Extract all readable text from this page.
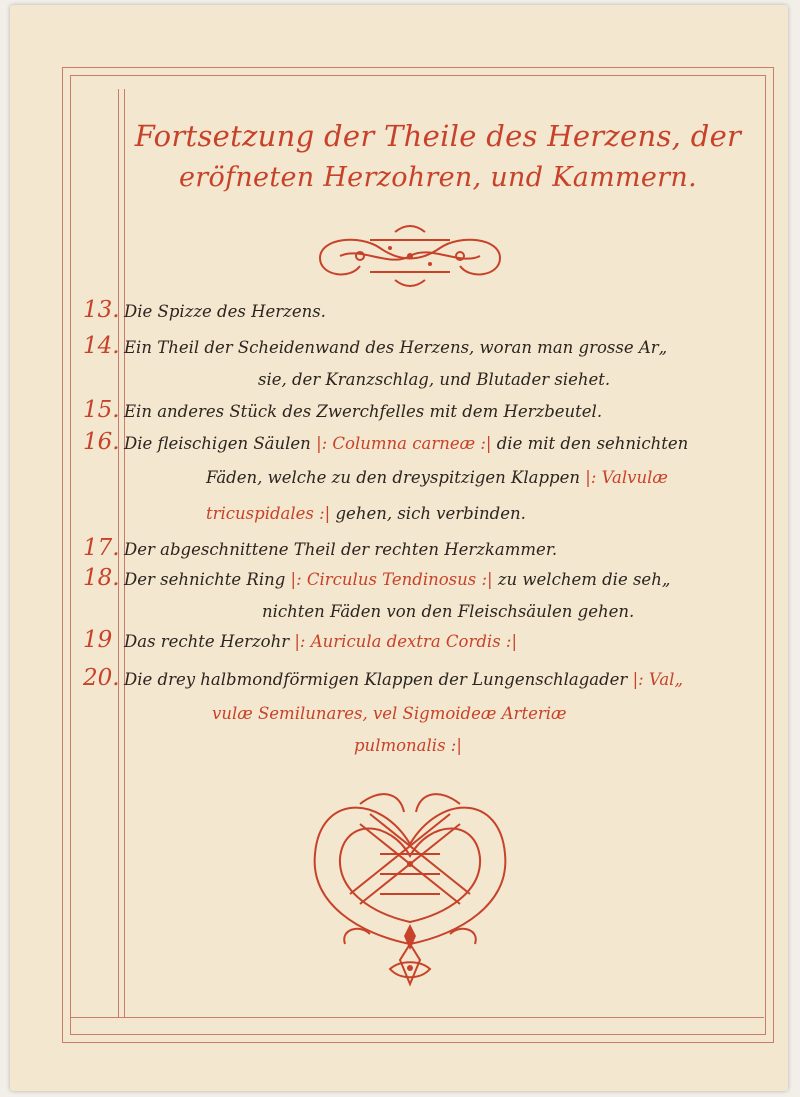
Fortsetzung der Theile des Herzens, der
eröfneten Herzohren, und Kammern.
13. Die Spizze des Herzens.
14. Ein Theil der Scheidenwand des Herzens, woran man grosse Ar„
sie, der Kranzschlag, und Blutader siehet.
15. Ein anderes Stück des Zwerchfelles mit dem Herzbeutel.
16. Die fleischigen Säulen |: Columna carneæ :| die mit den sehnichten
Fäden, welche zu den dreyspitzigen Klappen |: Valvulæ
tricuspidales :| gehen, sich verbinden.
17. Der abgeschnittene Theil der rechten Herzkammer.
18. Der sehnichte Ring |: Circulus Tendinosus :| zu welchem die seh„
nichten Fäden von den Fleischsäulen gehen.
19 Das rechte Herzohr |: Auricula dextra Cordis :|
20. Die drey halbmondförmigen Klappen der Lungenschlagader |: Val„
vulæ Semilunares, vel Sigmoideæ Arteriæ
pulmonalis :|
